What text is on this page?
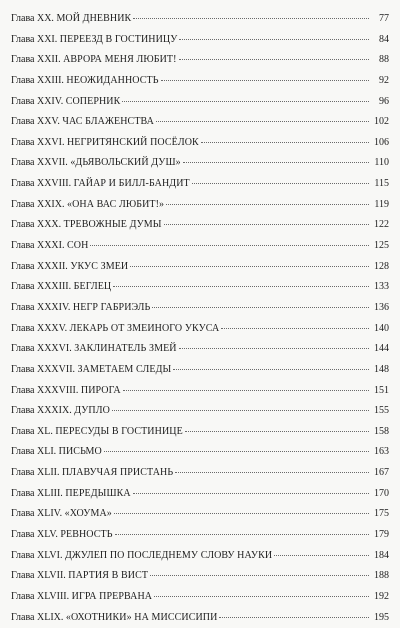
Глава XX. МОЙ ДНЕВНИК	77
Глава XXI. ПЕРЕЕЗД В ГОСТИНИЦУ	84
Глава XXII. АВРОРА МЕНЯ ЛЮБИТ!	88
Глава XXIII. НЕОЖИДАННОСТЬ	92
Глава XXIV. СОПЕРНИК	96
Глава XXV. ЧАС БЛАЖЕНСТВА	102
Глава XXVI. НЕГРИТЯНСКИЙ ПОСЁЛОК	106
Глава XXVII. «ДЬЯВОЛЬСКИЙ ДУШ»	110
Глава XXVIII. ГАЙАР И БИЛЛ-БАНДИТ	115
Глава XXIX. «ОНА ВАС ЛЮБИТ!»	119
Глава XXX. ТРЕВОЖНЫЕ ДУМЫ	122
Глава XXXI. СОН	125
Глава XXXII. УКУС ЗМЕИ	128
Глава XXXIII. БЕГЛЕЦ	133
Глава XXXIV. НЕГР ГАБРИЭЛЬ	136
Глава XXXV. ЛЕКАРЬ ОТ ЗМЕИНОГО УКУСА	140
Глава XXXVI. ЗАКЛИНАТЕЛЬ ЗМЕЙ	144
Глава XXXVII. ЗАМЕТАЕМ СЛЕДЫ	148
Глава XXXVIII. ПИРОГА	151
Глава XXXIX. ДУПЛО	155
Глава XL. ПЕРЕСУДЫ В ГОСТИНИЦЕ	158
Глава XLI. ПИСЬМО	163
Глава XLII. ПЛАВУЧАЯ ПРИСТАНЬ	167
Глава XLIII. ПЕРЕДЫШКА	170
Глава XLIV. «ХОУМА»	175
Глава XLV. РЕВНОСТЬ	179
Глава XLVI. ДЖУЛЕП ПО ПОСЛЕДНЕМУ СЛОВУ НАУКИ	184
Глава XLVII. ПАРТИЯ В ВИСТ	188
Глава XLVIII. ИГРА ПРЕРВАНА	192
Глава XLIX. «ОХОТНИКИ» НА МИССИСИПИ	195
